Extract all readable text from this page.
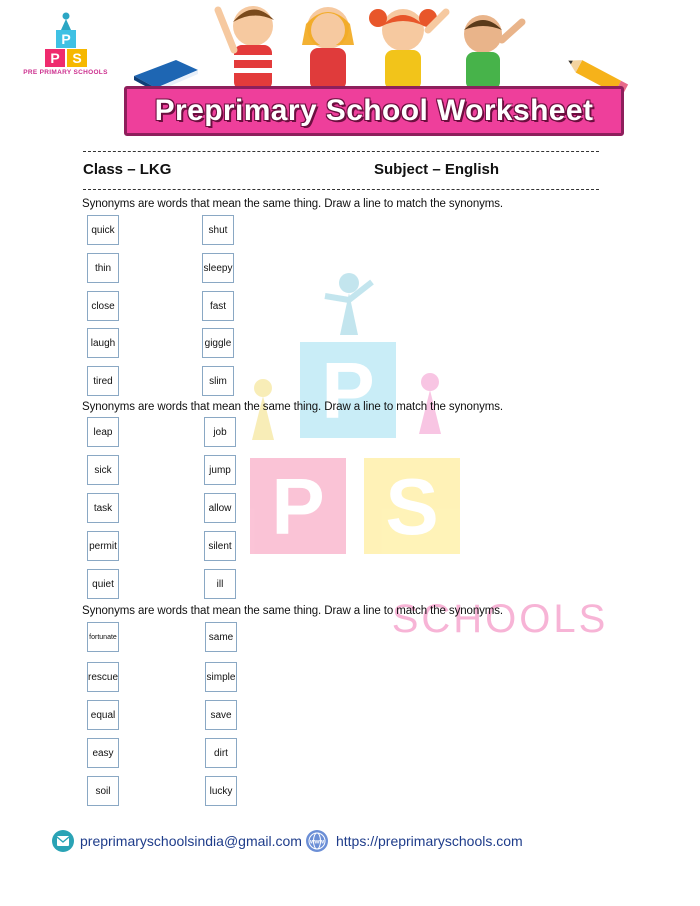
P
P S
SCHOOLS
P
P S
PRE PRIMARY SCHOOLS
Preprimary School Worksheet
Class – LKG	Subject – English
Synonyms are words that mean the same thing. Draw a line to match the synonyms.
quick
thin
close
laugh
tired
shut
sleepy
fast
giggle
slim
Synonyms are words that mean the same thing. Draw a line to match the synonyms.
leap
sick
task
permit
quiet
job
jump
allow
silent
ill
Synonyms are words that mean the same thing. Draw a line to match the synonyms.
fortunate
rescue
equal
easy
soil
same
simple
save
dirt
lucky
preprimaryschoolsindia@gmail.com www https://preprimaryschools.com
